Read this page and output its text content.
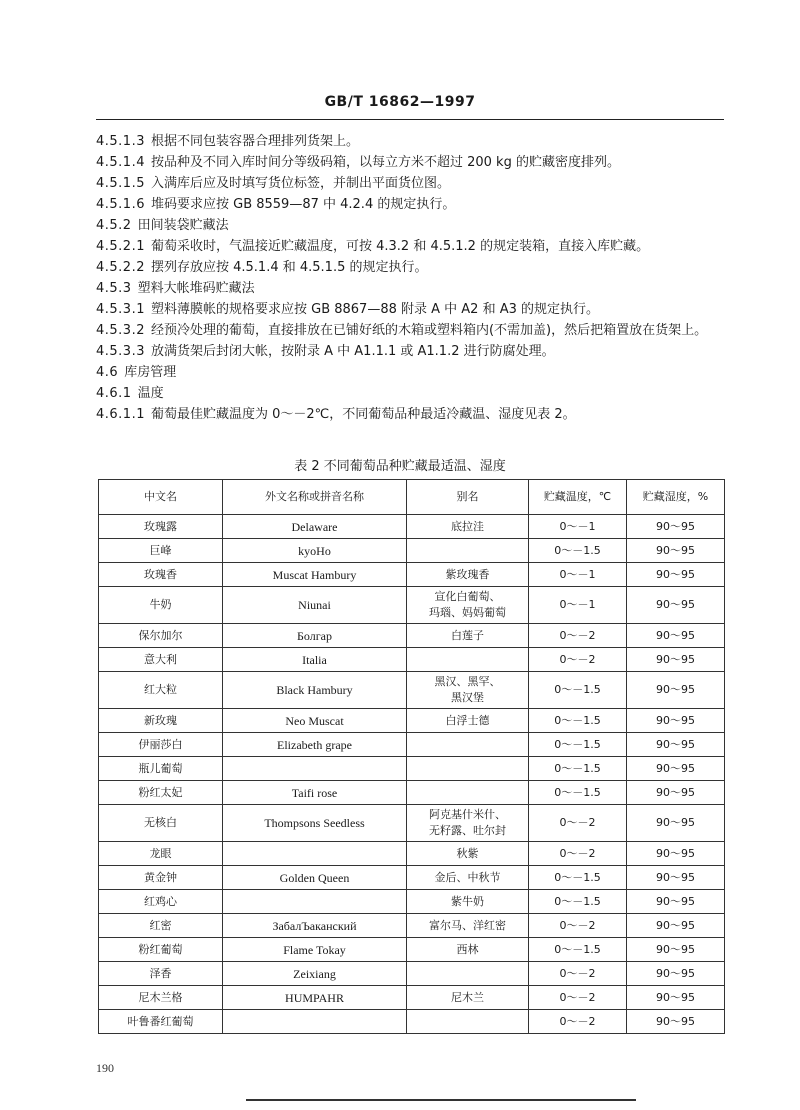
GB/T 16862—1997

4.5.1.3 根据不同包装容器合理排列货架上。

4.5.1.4 按品种及不同入库时间分等级码箱，以每立方米不超过 200 kg 的贮藏密度排列。

4.5.1.5 入满库后应及时填写货位标签，并制出平面货位图。

4.5.1.6 堆码要求应按 GB 8559—87 中 4.2.4 的规定执行。

4.5.2 田间装袋贮藏法

4.5.2.1 葡萄采收时，气温接近贮藏温度，可按 4.3.2 和 4.5.1.2 的规定装箱，直接入库贮藏。

4.5.2.2 摆列存放应按 4.5.1.4 和 4.5.1.5 的规定执行。

4.5.3 塑料大帐堆码贮藏法

4.5.3.1 塑料薄膜帐的规格要求应按 GB 8867—88 附录 A 中 A2 和 A3 的规定执行。

4.5.3.2 经预冷处理的葡萄，直接排放在已铺好纸的木箱或塑料箱内(不需加盖)，然后把箱置放在货架上。

4.5.3.3 放满货架后封闭大帐，按附录 A 中 A1.1.1 或 A1.1.2 进行防腐处理。

4.6 库房管理

4.6.1 温度

4.6.1.1 葡萄最佳贮藏温度为 0～－2℃，不同葡萄品种最适冷藏温、湿度见表 2。

表 2 不同葡萄品种贮藏最适温、湿度
中文名	外文名称或拼音名称	别名	贮藏温度，℃	贮藏湿度，%
玫瑰露	Delaware	底拉洼	0～－1	90～95
巨峰	kyoHo		0～－1.5	90～95
玫瑰香	Muscat Hambury	紫玫瑰香	0～－1	90～95
牛奶	Niunai	宣化白葡萄、
玛瑙、妈妈葡萄	0～－1	90～95
保尔加尔	Болгар	白莲子	0～－2	90～95
意大利	Italia		0～－2	90～95
红大粒	Black Hambury	黑汉、黑罕、
黑汉堡	0～－1.5	90～95
新玫瑰	Neo Muscat	白浮士德	0～－1.5	90～95
伊丽莎白	Elizabeth grape		0～－1.5	90～95
瓶儿葡萄			0～－1.5	90～95
粉红太妃	Taifi rose		0～－1.5	90～95
无核白	Thompsons Seedless	阿克基什米什、
无籽露、吐尔封	0～－2	90～95
龙眼		秋紫	0～－2	90～95
黄金钟	Golden Queen	金后、中秋节	0～－1.5	90～95
红鸡心		紫牛奶	0～－1.5	90～95
红密	ЗабалЪаканский	富尔马、洋红密	0～－2	90～95
粉红葡萄	Flame Tokay	西林	0～－1.5	90～95
泽香	Zeixiang		0～－2	90～95
尼木兰格	HUMPAHR	尼木兰	0～－2	90～95
叶鲁番红葡萄			0～－2	90～95
190
